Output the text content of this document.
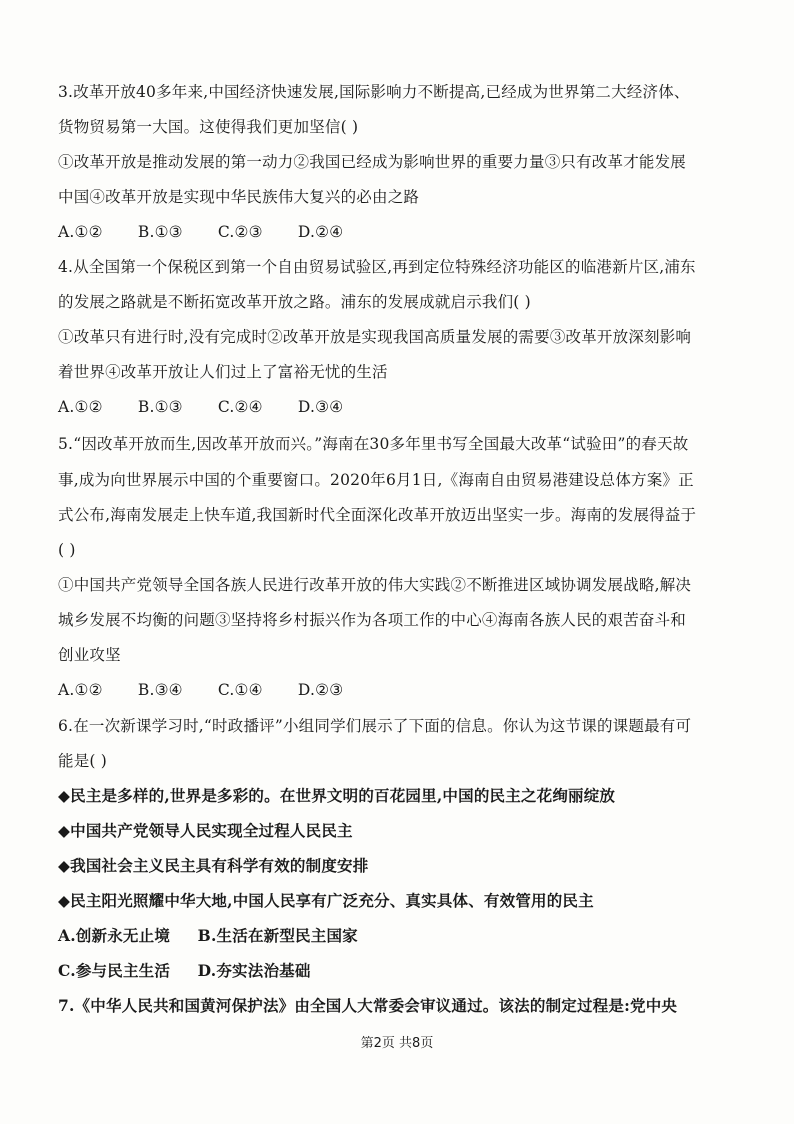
3.改革开放40多年来,中国经济快速发展,国际影响力不断提高,已经成为世界第二大经济体、
货物贸易第一大国。这使得我们更加坚信( )
①改革开放是推动发展的第一动力②我国已经成为影响世界的重要力量③只有改革才能发展
中国④改革开放是实现中华民族伟大复兴的必由之路
A.①② B.①③ C.②③ D.②④
4.从全国第一个保税区到第一个自由贸易试验区,再到定位特殊经济功能区的临港新片区,浦东
的发展之路就是不断拓宽改革开放之路。浦东的发展成就启示我们( )
①改革只有进行时,没有完成时②改革开放是实现我国高质量发展的需要③改革开放深刻影响
着世界④改革开放让人们过上了富裕无忧的生活
A.①② B.①③ C.②④ D.③④
5.“因改革开放而生,因改革开放而兴。”海南在30多年里书写全国最大改革“试验田”的春天故
事,成为向世界展示中国的个重要窗口。2020年6月1日,《海南自由贸易港建设总体方案》正
式公布,海南发展走上快车道,我国新时代全面深化改革开放迈出坚实一步。海南的发展得益于
( )
①中国共产党领导全国各族人民进行改革开放的伟大实践②不断推进区域协调发展战略,解决
城乡发展不均衡的问题③坚持将乡村振兴作为各项工作的中心④海南各族人民的艰苦奋斗和
创业攻坚
A.①② B.③④ C.①④ D.②③
6.在一次新课学习时,“时政播评”小组同学们展示了下面的信息。你认为这节课的课题最有可
能是( )
◆民主是多样的,世界是多彩的。在世界文明的百花园里,中国的民主之花绚丽绽放
◆中国共产党领导人民实现全过程人民民主
◆我国社会主义民主具有科学有效的制度安排
◆民主阳光照耀中华大地,中国人民享有广泛充分、真实具体、有效管用的民主
A.创新永无止境 B.生活在新型民主国家
C.参与民主生活 D.夯实法治基础
7.《中华人民共和国黄河保护法》由全国人大常委会审议通过。该法的制定过程是:党中央
第2页 共8页
